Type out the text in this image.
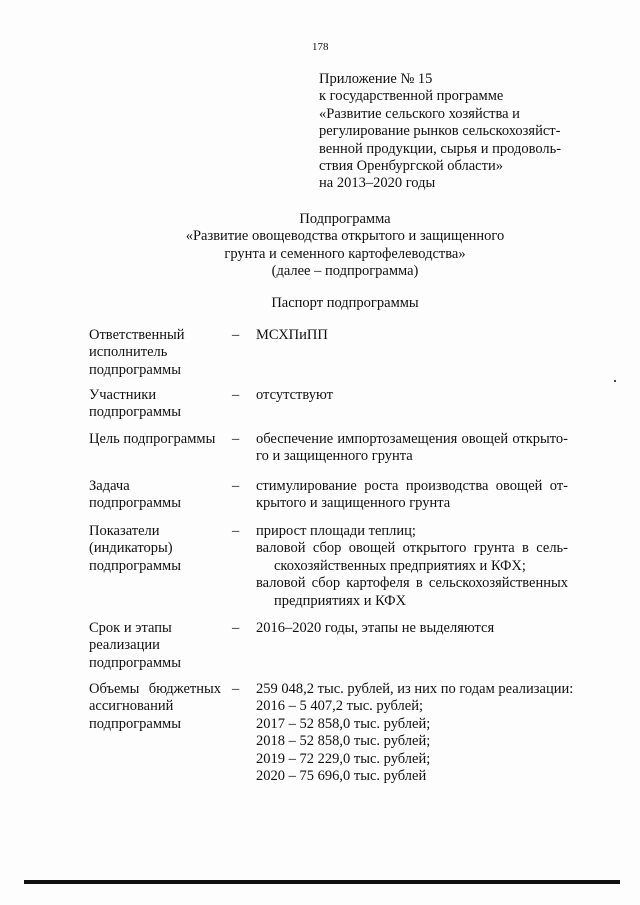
178
Приложение № 15
к государственной программе
«Развитие сельского хозяйства и
регулирование рынков сельскохозяйст-
венной продукции, сырья и продоволь-
ствия Оренбургской области»
на 2013–2020 годы
Подпрограмма
«Развитие овощеводства открытого и защищенного
грунта и семенного картофелеводства»
(далее – подпрограмма)
Паспорт подпрограммы
Ответственный
исполнитель
подпрограммы
– МСХПиПП
Участники
подпрограммы
– отсутствуют
Цель подпрограммы	– обеспечение импортозамещения овощей открыто-
го и защищенного грунта
Задача
подпрограммы
– стимулирование роста производства овощей от-
крытого и защищенного грунта
Показатели
(индикаторы)
подпрограммы
– прирост площади теплиц;
валовой сбор овощей открытого грунта в сель-
скохозяйственных предприятиях и КФХ;
валовой сбор картофеля в сельскохозяйственных
предприятиях и КФХ
Срок и этапы
реализации
подпрограммы
– 2016–2020 годы, этапы не выделяются
Объемы бюджетных
ассигнований
подпрограммы
– 259 048,2 тыс. рублей, из них по годам реализации:
2016 – 5 407,2 тыс. рублей;
2017 – 52 858,0 тыс. рублей;
2018 – 52 858,0 тыс. рублей;
2019 – 72 229,0 тыс. рублей;
2020 – 75 696,0 тыс. рублей
